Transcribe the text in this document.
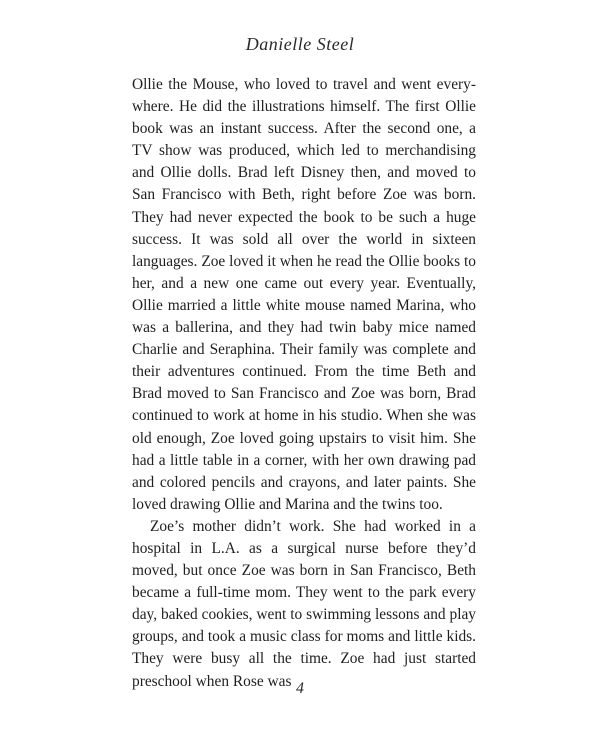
Danielle Steel

Ollie the Mouse, who loved to travel and went every-where. He did the illustrations himself. The first Ollie book was an instant success. After the second one, a TV show was produced, which led to merchandising and Ollie dolls. Brad left Disney then, and moved to San Francisco with Beth, right before Zoe was born. They had never expected the book to be such a huge success. It was sold all over the world in sixteen languages. Zoe loved it when he read the Ollie books to her, and a new one came out every year. Eventually, Ollie married a little white mouse named Marina, who was a ballerina, and they had twin baby mice named Charlie and Seraphina. Their family was complete and their adventures continued. From the time Beth and Brad moved to San Francisco and Zoe was born, Brad continued to work at home in his studio. When she was old enough, Zoe loved going upstairs to visit him. She had a little table in a corner, with her own drawing pad and colored pencils and crayons, and later paints. She loved drawing Ollie and Marina and the twins too.

Zoe’s mother didn’t work. She had worked in a hospital in L.A. as a surgical nurse before they’d moved, but once Zoe was born in San Francisco, Beth became a full-time mom. They went to the park every day, baked cookies, went to swimming lessons and play groups, and took a music class for moms and little kids. They were busy all the time. Zoe had just started preschool when Rose was 4
